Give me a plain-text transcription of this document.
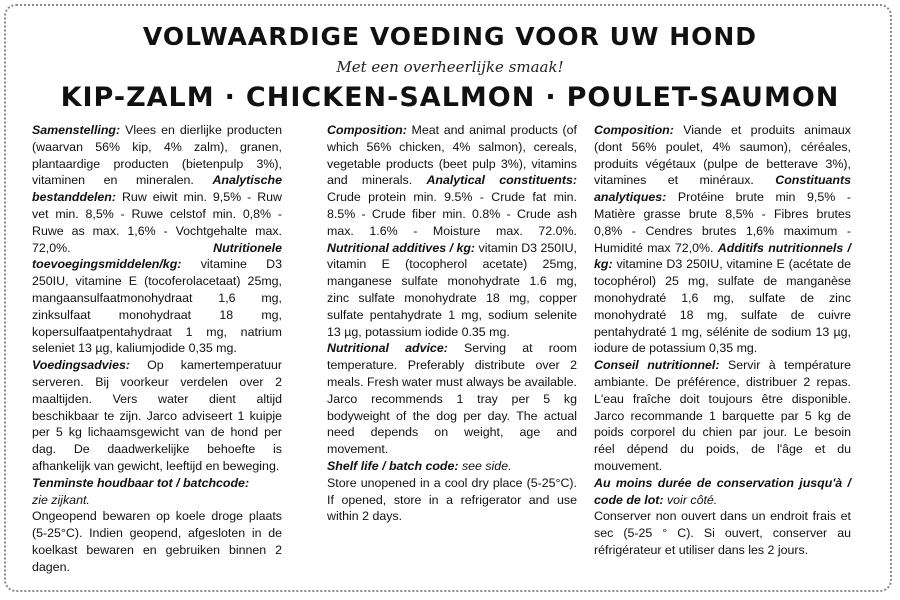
VOLWAARDIGE VOEDING VOOR UW HOND
Met een overheerlijke smaak!
KIP-ZALM · CHICKEN-SALMON · POULET-SAUMON
Samenstelling: Vlees en dierlijke producten (waarvan 56% kip, 4% zalm), granen, plantaardige producten (bietenpulp 3%), vitaminen en mineralen. Analytische bestanddelen: Ruw eiwit min. 9,5% - Ruw vet min. 8,5% - Ruwe celstof min. 0,8% - Ruwe as max. 1,6% - Vochtgehalte max. 72,0%. Nutritionele toevoegingsmiddelen/kg: vitamine D3 250IU, vitamine E (tocoferolacetaat) 25mg, mangaansulfaatmonohydraat 1,6 mg, zinksulfaat monohydraat 18 mg, kopersulfaatpentahydraat 1 mg, natrium seleniet 13 µg, kaliumjodide 0,35 mg.
Voedingsadvies: Op kamertemperatuur serveren. Bij voorkeur verdelen over 2 maaltijden. Vers water dient altijd beschikbaar te zijn. Jarco adviseert 1 kuipje per 5 kg lichaamsgewicht van de hond per dag. De daadwerkelijke behoefte is afhankelijk van gewicht, leeftijd en beweging.
Tenminste houdbaar tot / batchcode:
zie zijkant.
Ongeopend bewaren op koele droge plaats (5-25°C). Indien geopend, afgesloten in de koelkast bewaren en gebruiken binnen 2 dagen.
Composition: Meat and animal products (of which 56% chicken, 4% salmon), cereals, vegetable products (beet pulp 3%), vitamins and minerals. Analytical constituents: Crude protein min. 9.5% - Crude fat min. 8.5% - Crude fiber min. 0.8% - Crude ash max. 1.6% - Moisture max. 72.0%. Nutritional additives / kg: vitamin D3 250IU, vitamin E (tocopherol acetate) 25mg, manganese sulfate monohydrate 1.6 mg, zinc sulfate monohydrate 18 mg, copper sulfate pentahydrate 1 mg, sodium selenite 13 µg, potassium iodide 0.35 mg.
Nutritional advice: Serving at room temperature. Preferably distribute over 2 meals. Fresh water must always be available. Jarco recommends 1 tray per 5 kg bodyweight of the dog per day. The actual need depends on weight, age and movement.
Shelf life / batch code: see side.
Store unopened in a cool dry place (5-25°C). If opened, store in a refrigerator and use within 2 days.
Composition: Viande et produits animaux (dont 56% poulet, 4% saumon), céréales, produits végétaux (pulpe de betterave 3%), vitamines et minéraux. Constituants analytiques: Protéine brute min 9,5% - Matière grasse brute 8,5% - Fibres brutes 0,8% - Cendres brutes 1,6% maximum - Humidité max 72,0%. Additifs nutritionnels / kg: vitamine D3 250IU, vitamine E (acétate de tocophérol) 25 mg, sulfate de manganèse monohydraté 1,6 mg, sulfate de zinc monohydraté 18 mg, sulfate de cuivre pentahydraté 1 mg, sélénite de sodium 13 µg, iodure de potassium 0,35 mg.
Conseil nutritionnel: Servir à température ambiante. De préférence, distribuer 2 repas. L'eau fraîche doit toujours être disponible. Jarco recommande 1 barquette par 5 kg de poids corporel du chien par jour. Le besoin réel dépend du poids, de l'âge et du mouvement.
Au moins durée de conservation jusqu'à / code de lot: voir côté.
Conserver non ouvert dans un endroit frais et sec (5-25 ° C). Si ouvert, conserver au réfrigérateur et utiliser dans les 2 jours.
